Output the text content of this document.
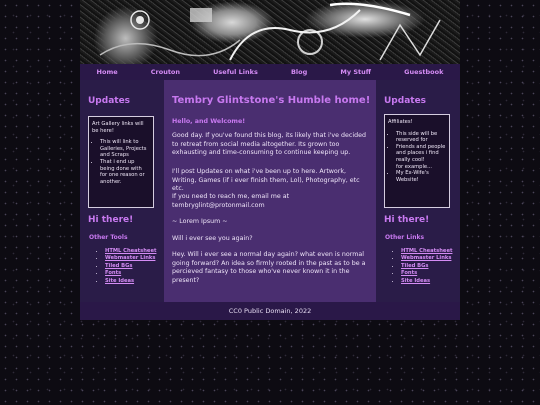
Home	Crouton	Useful Links	Blog	My Stuff	Guestbook
Updates
Art Gallery links will be here!
• This will link to Galleries, Projects and Scraps
• That i end up being done with
for one reason or another.
Hi there!
Other Tools
• HTML Cheatsheet
• Webmaster Links
• Tiled BGs
• Fonts
• Site Ideas
Tembry Glintstone's Humble home!
Hello, and Welcome!

Good day. If you've found this blog, its likely that i've decided to retreat from social media altogether. Its grown too exhausting and time-consuming to continue keeping up.

I'll post Updates on what i've been up to here. Artwork, Writing, Games (if i ever finish them, Lol), Photography, etc etc.

If you need to reach me, email me at tembryglint@protonmail.com

~ Lorem Ipsum ~

Will i ever see you again?

Hey. Will i ever see a normal day again? what even is normal going forward? An idea so firmly rooted in the past as to be a percieved fantasy to those who've never known it in the present?

Updates
Affiliates!
• This side will be reserved for
• Friends and people and places i find really cool!
for example...
• My Ex-Wife's Website!
Hi there!
Other Links
• HTML Cheatsheet
• Webmaster Links
• Tiled BGs
• Fonts
• Site Ideas
CC0 Public Domain, 2022
